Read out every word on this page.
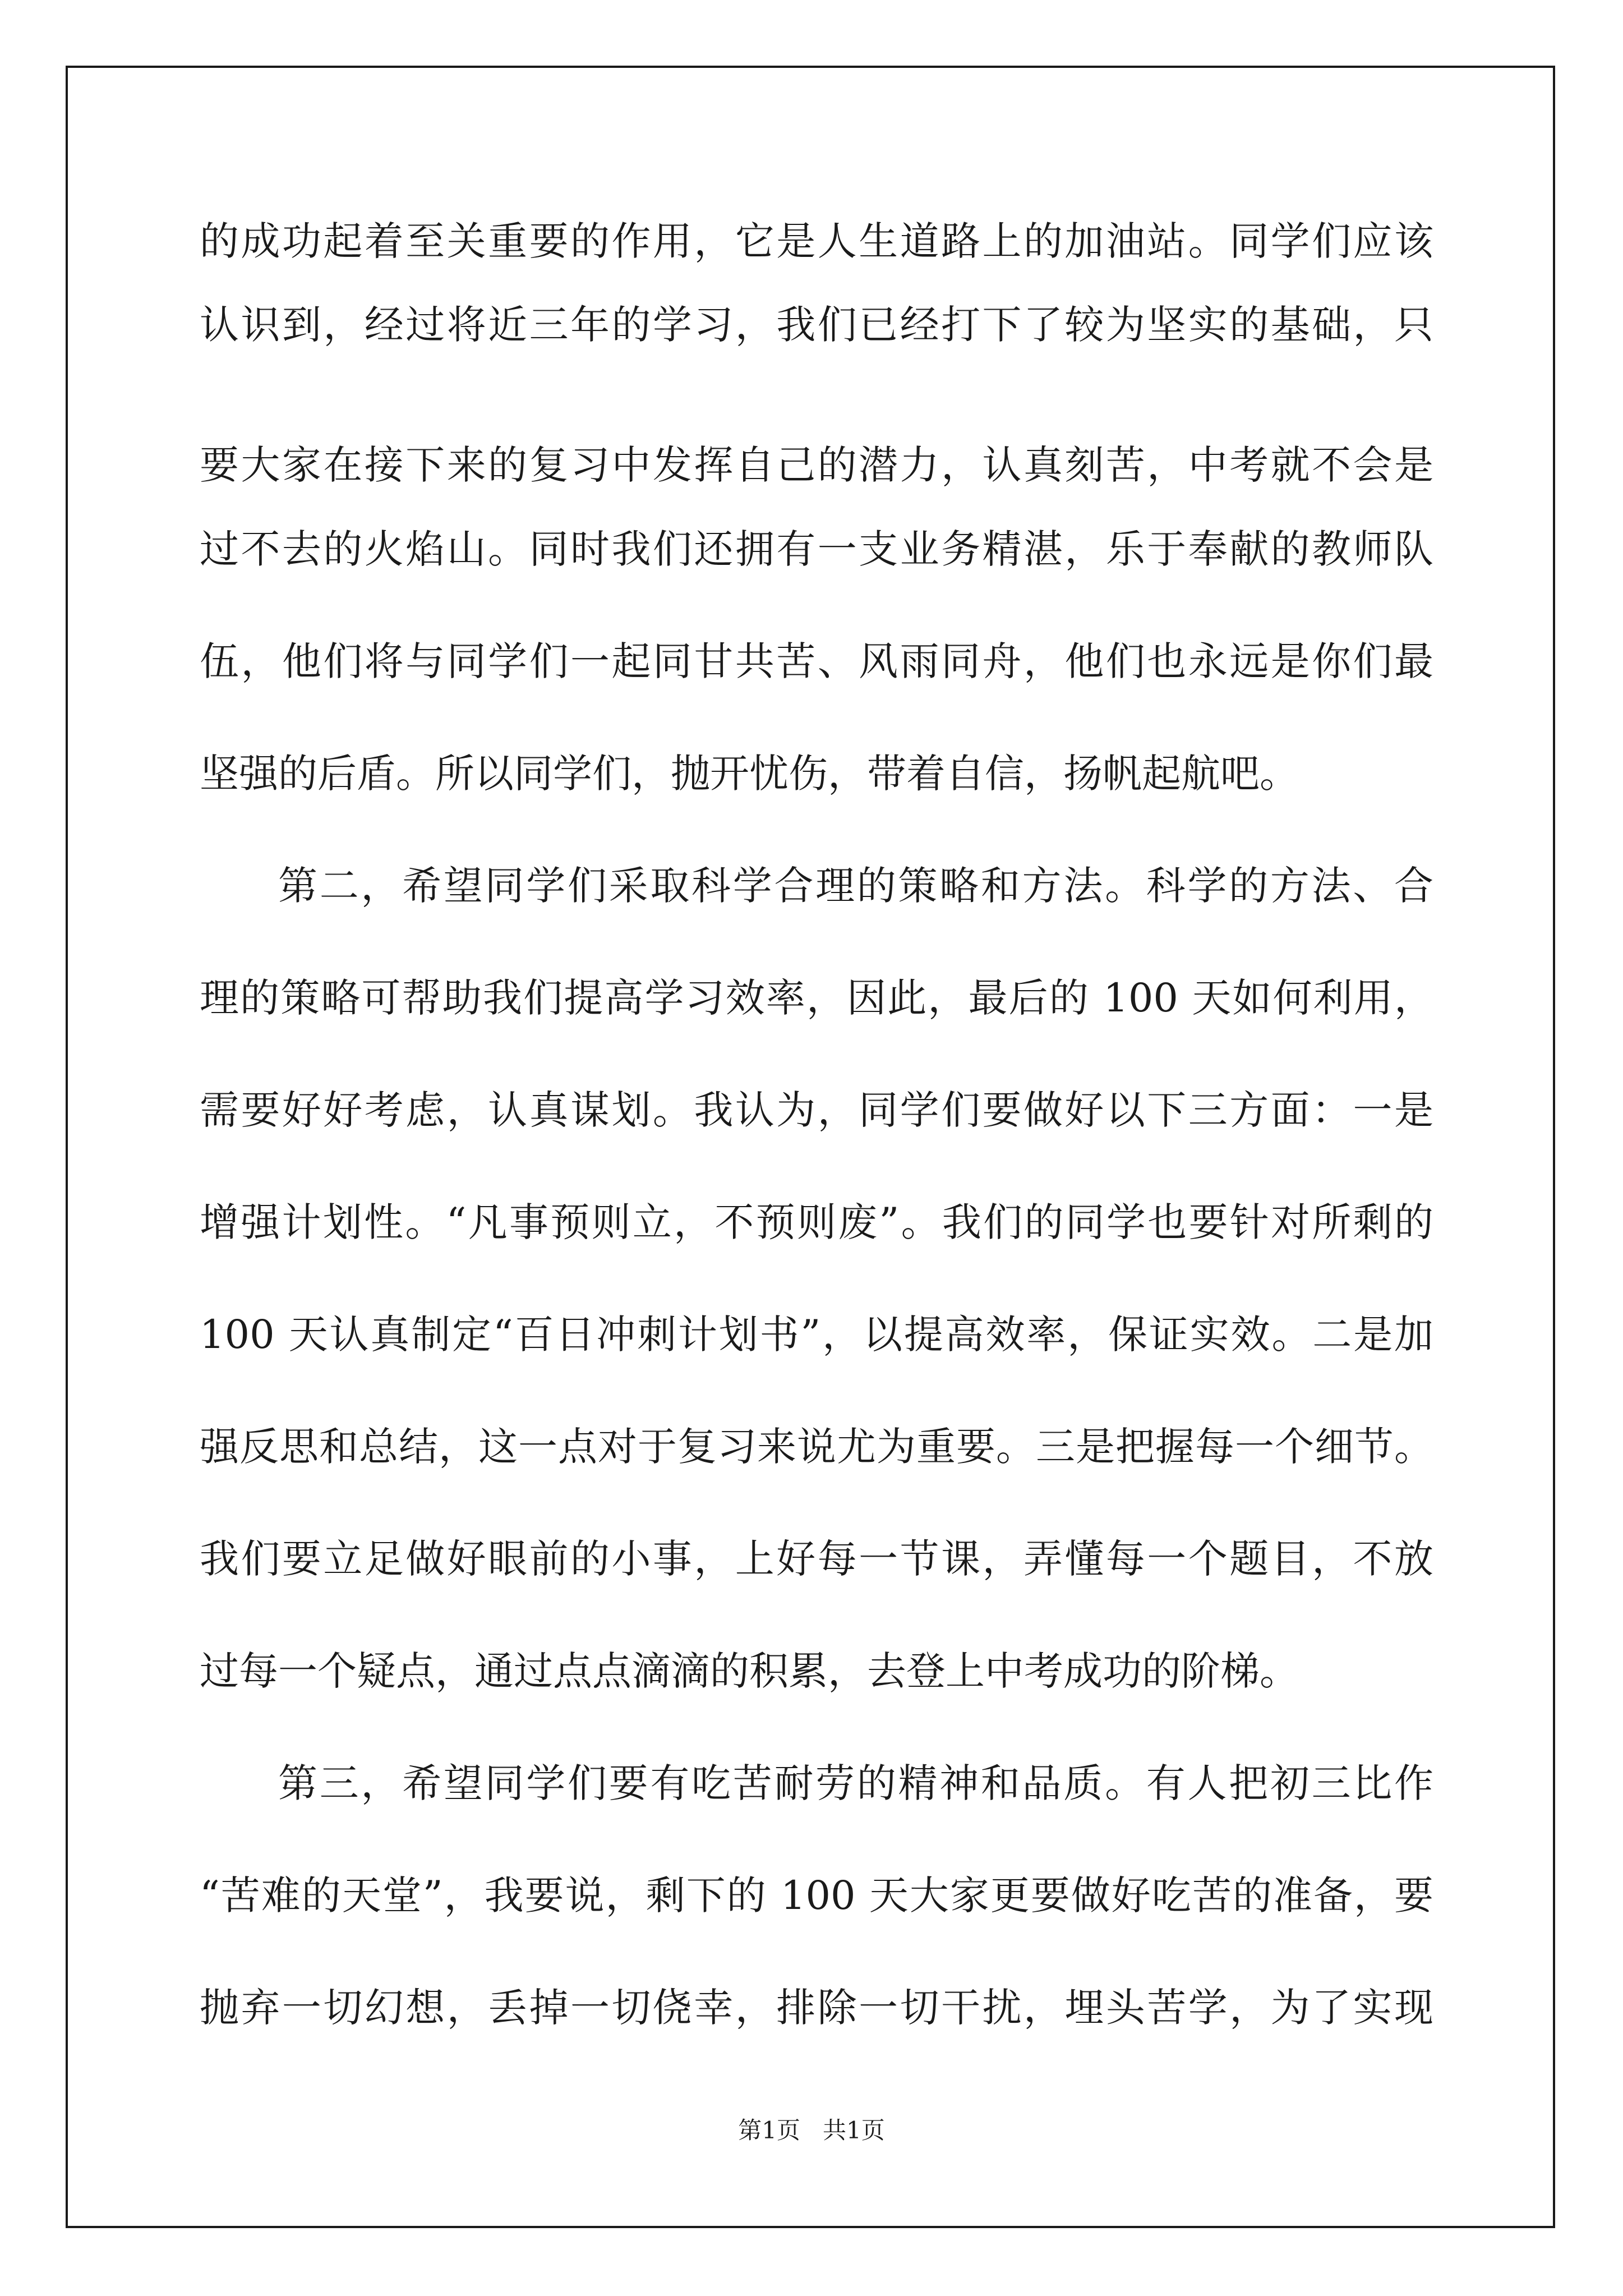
的成功起着至关重要的作用，它是人生道路上的加油站。同学们应该
认识到，经过将近三年的学习，我们已经打下了较为坚实的基础，只
要大家在接下来的复习中发挥自己的潜力，认真刻苦，中考就不会是
过不去的火焰山。同时我们还拥有一支业务精湛，乐于奉献的教师队
伍，他们将与同学们一起同甘共苦、风雨同舟，他们也永远是你们最
坚强的后盾。所以同学们，抛开忧伤，带着自信，扬帆起航吧。
第二，希望同学们采取科学合理的策略和方法。科学的方法、合
理的策略可帮助我们提高学习效率，因此，最后的 100 天如何利用，
需要好好考虑，认真谋划。我认为，同学们要做好以下三方面：一是
增强计划性。“凡事预则立，不预则废”。我们的同学也要针对所剩的
100 天认真制定“百日冲刺计划书”，以提高效率，保证实效。二是加
强反思和总结，这一点对于复习来说尤为重要。三是把握每一个细节。
我们要立足做好眼前的小事，上好每一节课，弄懂每一个题目，不放
过每一个疑点，通过点点滴滴的积累，去登上中考成功的阶梯。
第三，希望同学们要有吃苦耐劳的精神和品质。有人把初三比作
“苦难的天堂”，我要说，剩下的 100 天大家更要做好吃苦的准备，要
抛弃一切幻想，丢掉一切侥幸，排除一切干扰，埋头苦学，为了实现
第1页   共1页
